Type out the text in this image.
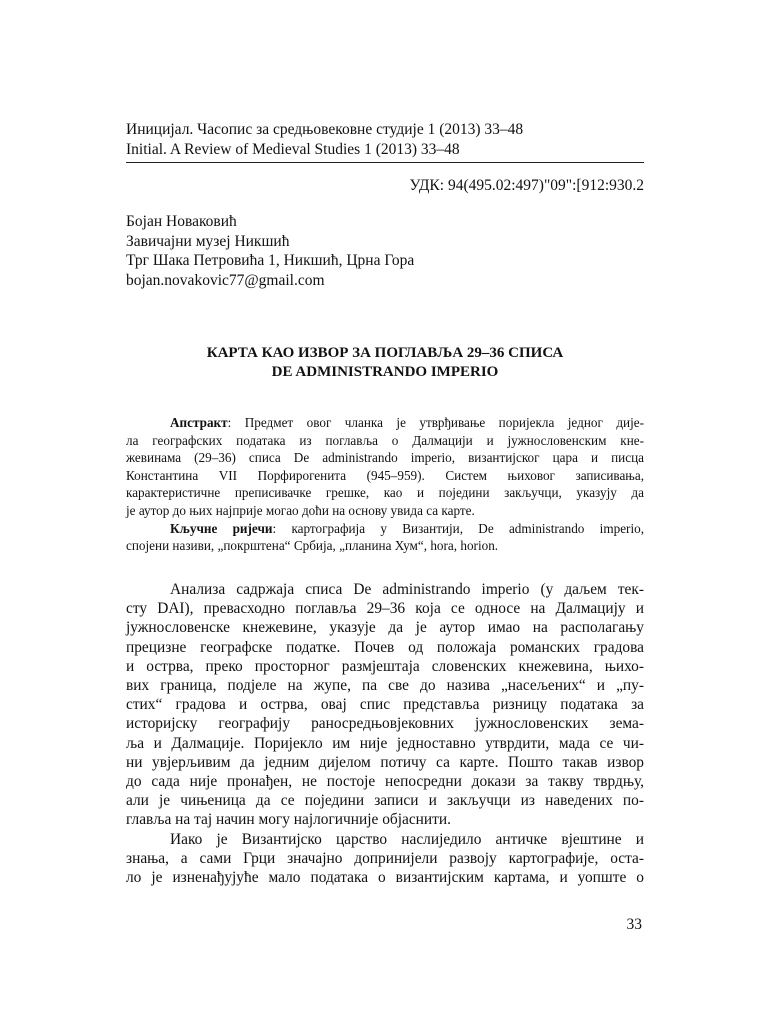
Иницијал. Часопис за средњовековне студије 1 (2013) 33–48
Initial. A Review of Medieval Studies 1 (2013) 33–48
УДК: 94(495.02:497)"09":[912:930.2
Бојан Новаковић
Завичајни музеј Никшић
Трг Шака Петровића 1, Никшић, Црна Гора
bojan.novakovic77@gmail.com
КАРТА КАО ИЗВОР ЗА ПОГЛАВЉА 29–36 СПИСА
DE ADMINISTRANDO IMPERIO
Апстракт: Предмет овог чланка је утврђивање поријекла једног дије-
ла географских података из поглавља о Далмацији и јужнословенским кне-
жевинама (29–36) списа De administrando imperio, византијског цара и писца
Константина VII Порфирогенита (945–959). Систем њиховог записивања,
карактеристичне преписивачке грешке, као и поједини закључци, указују да
је аутор до њих најприје могао доћи на основу увида са карте.
Кључне ријечи: картографија у Византији, De administrando imperio,
спојени називи, „покрштена“ Србија, „планина Хум“, hora, horion.
Анализа садржаја списа De administrando imperio (у даљем тек-
сту DAI), превасходно поглавља 29–36 која се односе на Далмацију и
јужнословенске кнежевине, указује да је аутор имао на располагању
прецизне географске податке. Почев од положаја романских градова
и острва, преко просторног размјештаја словенских кнежевина, њихо-
вих граница, подјеле на жупе, па све до назива „насељених“ и „пу-
стих“ градова и острва, овај спис представља ризницу података за
историјску географију раносредњовјековних јужнословенских зема-
ља и Далмације. Поријекло им није једноставно утврдити, мада се чи-
ни увјерљивим да једним дијелом потичу са карте. Пошто такав извор
до сада није пронађен, не постоје непосредни докази за такву тврдњу,
али је чињеница да се поједини записи и закључци из наведених по-
главља на тај начин могу најлогичније објаснити.
Иако је Византијско царство наслиједило античке вјештине и
знања, а сами Грци значајно допринијели развоју картографије, оста-
ло је изненађујуће мало података о византијским картама, и уопште о
33
